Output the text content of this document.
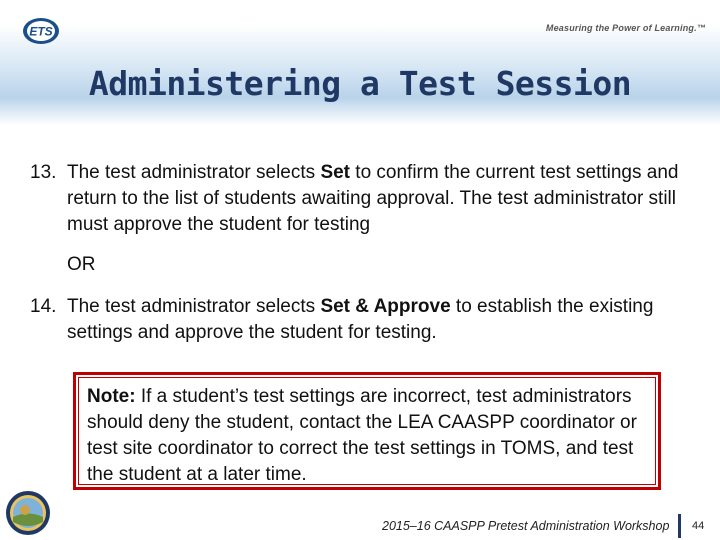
ETS	Measuring the Power of Learning.™
Administering a Test Session
13. The test administrator selects Set to confirm the current test settings and return to the list of students awaiting approval. The test administrator still must approve the student for testing
OR
14. The test administrator selects Set & Approve to establish the existing settings and approve the student for testing.
Note: If a student’s test settings are incorrect, test administrators should deny the student, contact the LEA CAASPP coordinator or test site coordinator to correct the test settings in TOMS, and test the student at a later time.
2015–16 CAASPP Pretest Administration Workshop 44
